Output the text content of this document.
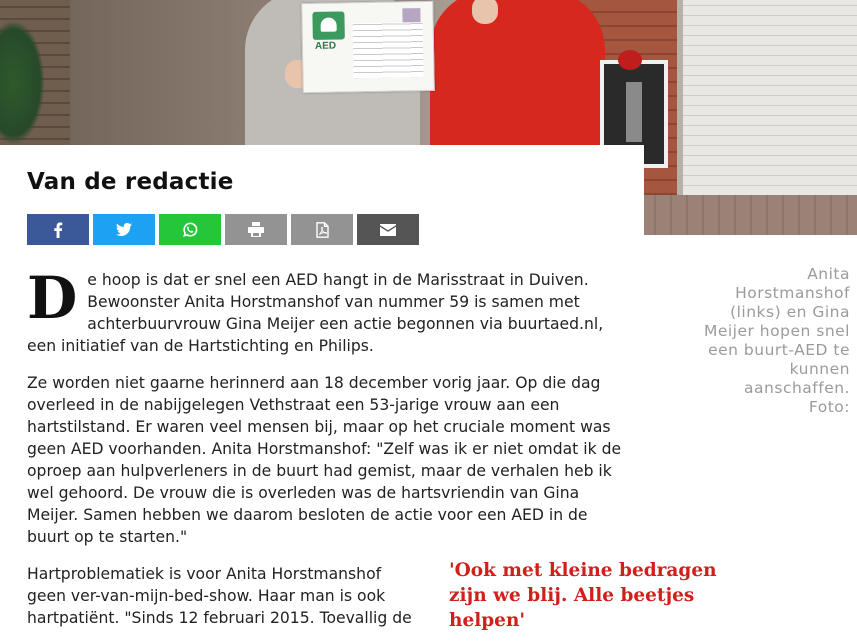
AED

Anita Horstmanshof (links) en Gina Meijer hopen snel een buurt-AED te kunnen aanschaffen. Foto:

Van de redactie

De hoop is dat er snel een AED hangt in de Marisstraat in Duiven. Bewoonster Anita Horstmanshof van nummer 59 is samen met achterbuurvrouw Gina Meijer een actie begonnen via buurtaed.nl, een initiatief van de Hartstichting en Philips.

Ze worden niet gaarne herinnerd aan 18 december vorig jaar. Op die dag overleed in de nabijgelegen Vethstraat een 53-jarige vrouw aan een hartstilstand. Er waren veel mensen bij, maar op het cruciale moment was geen AED voorhanden. Anita Horstmanshof: "Zelf was ik er niet omdat ik de oproep aan hulpverleners in de buurt had gemist, maar de verhalen heb ik wel gehoord. De vrouw die is overleden was de hartsvriendin van Gina Meijer. Samen hebben we daarom besloten de actie voor een AED in de buurt op te starten."

Hartproblematiek is voor Anita Horstmanshof geen ver-van-mijn-bed-show. Haar man is ook hartpatiënt. "Sinds 12 februari 2015. Toevallig de

'Ook met kleine bedragen zijn we blij. Alle beetjes helpen'
